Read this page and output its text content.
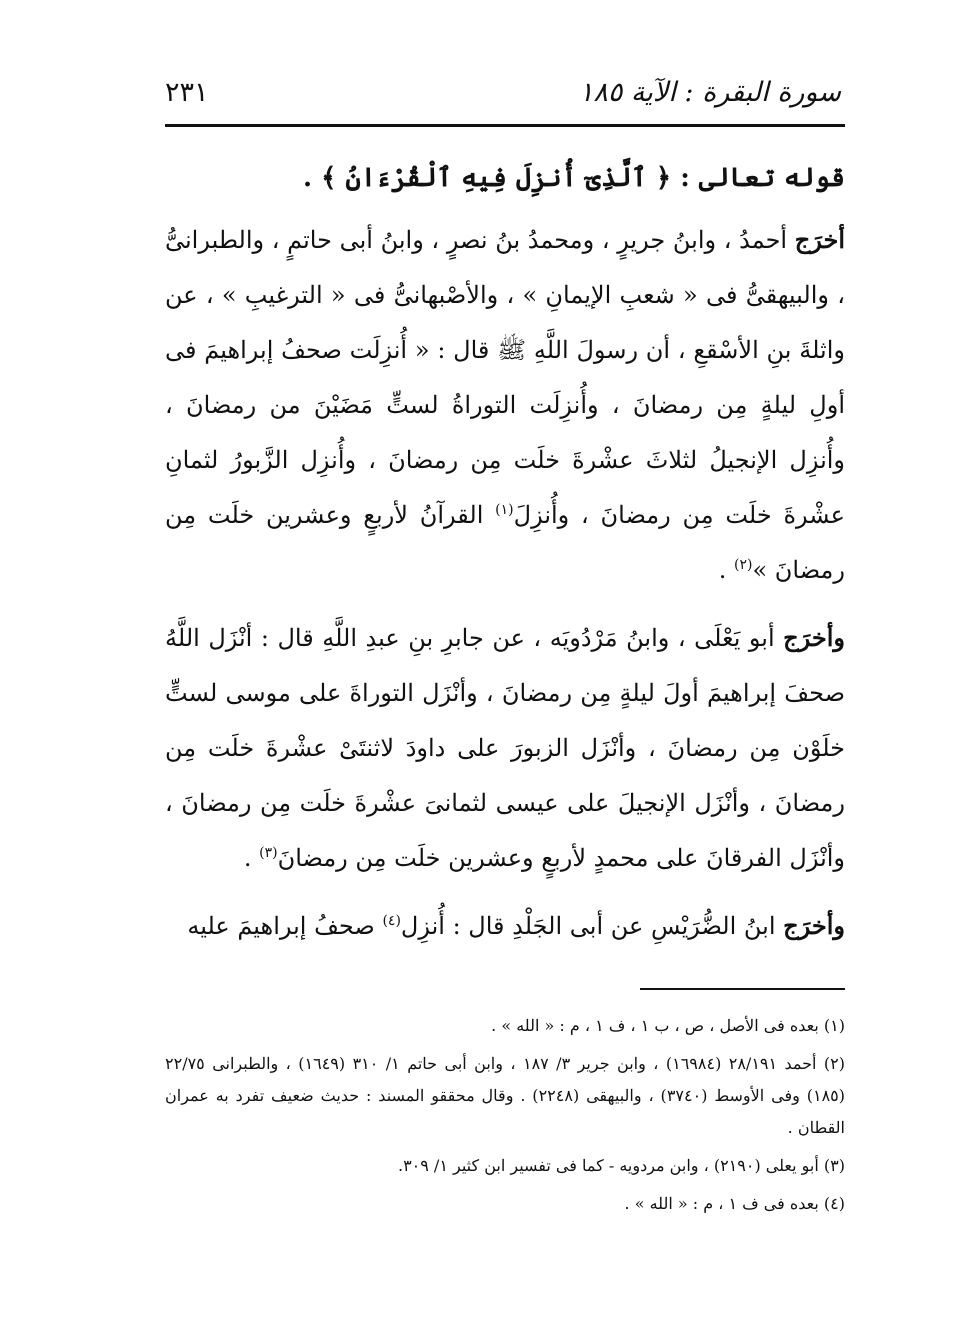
سورة البقرة : الآية ١٨٥
٢٣١

قوله تعالى : ﴿ ٱلَّذِىٓ أُنزِلَ فِيهِ ٱلْقُرْءَانُ ﴾ .

أخرَج أحمدُ ، وابنُ جريرٍ ، ومحمدُ بنُ نصرٍ ، وابنُ أبى حاتمٍ ، والطبرانىُّ ، والبيهقىُّ فى « شعبِ الإيمانِ » ، والأصْبهانىُّ فى « الترغيبِ » ، عن واثلةَ بنِ الأسْقعِ ، أن رسولَ اللَّهِ ﷺ قال : « أُنزِلَت صحفُ إبراهيمَ فى أولِ ليلةٍ مِن رمضانَ ، وأُنزِلَت التوراةُ لستٍّ مَضَيْنَ من رمضانَ ، وأُنزِل الإنجيلُ لثلاثَ عشْرةَ خلَت مِن رمضانَ ، وأُنزِل الزَّبورُ لثمانِ عشْرةَ خلَت مِن رمضانَ ، وأُنزِلَ$^{(١)}$ القرآنُ لأربعٍ وعشرين خلَت مِن رمضانَ »$^{(٢)}$ .

وأخرَج أبو يَعْلَى ، وابنُ مَرْدُويَه ، عن جابرِ بنِ عبدِ اللَّهِ قال : أنْزَل اللَّهُ صحفَ إبراهيمَ أولَ ليلةٍ مِن رمضانَ ، وأنْزَل التوراةَ على موسى لستٍّ خلَوْن مِن رمضانَ ، وأنْزَل الزبورَ على داودَ لاثنتَىْ عشْرةَ خلَت مِن رمضانَ ، وأنْزَل الإنجيلَ على عيسى لثمانىَ عشْرةَ خلَت مِن رمضانَ ، وأنْزَل الفرقانَ على محمدٍ لأربعٍ وعشرين خلَت مِن رمضانَ$^{(٣)}$ .

وأخرَج ابنُ الضُّرَيْسِ عن أبى الجَلْدِ قال : أُنزِل$^{(٤)}$ صحفُ إبراهيمَ عليه

(١) بعده فى الأصل ، ص ، ب ١ ، ف ١ ، م : « الله » .

(٢) أحمد ٢٨/١٩١ (١٦٩٨٤) ، وابن جرير ٣/ ١٨٧ ، وابن أبى حاتم ١/ ٣١٠ (١٦٤٩) ، والطبرانى ٢٢/٧٥ (١٨٥) وفى الأوسط (٣٧٤٠) ، والبيهقى (٢٢٤٨) . وقال محققو المسند : حديث ضعيف تفرد به عمران القطان .

(٣) أبو يعلى (٢١٩٠) ، وابن مردويه - كما فى تفسير ابن كثير ١/ ٣٠٩.

(٤) بعده فى ف ١ ، م : « الله » .
